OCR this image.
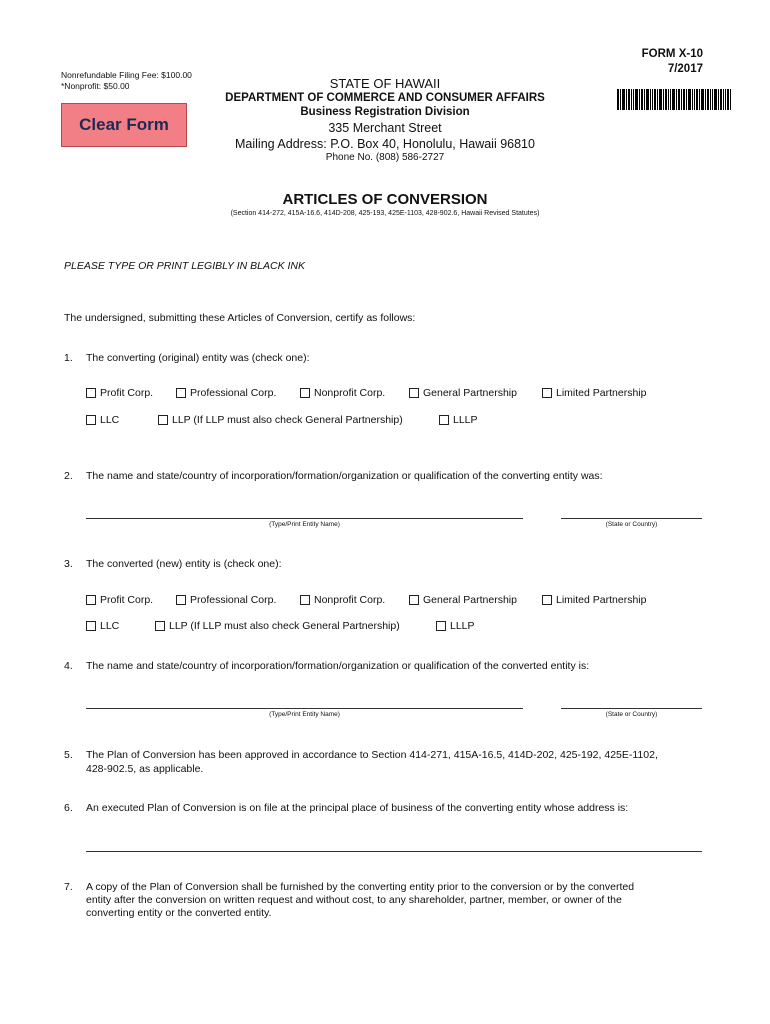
Nonrefundable Filing Fee: $100.00
*Nonprofit: $50.00
Clear Form
FORM X-10
7/2017
STATE OF HAWAII
DEPARTMENT OF COMMERCE AND CONSUMER AFFAIRS
Business Registration Division
335 Merchant Street
Mailing Address: P.O. Box 40, Honolulu, Hawaii 96810
Phone No. (808) 586-2727
ARTICLES OF CONVERSION
(Section 414-272, 415A-16.6, 414D-208, 425-193, 425E-1103, 428-902.6, Hawaii Revised Statutes)
PLEASE TYPE OR PRINT LEGIBLY IN BLACK INK
The undersigned, submitting these Articles of Conversion, certify as follows:
1. The converting (original) entity was (check one):
Profit Corp.	Professional Corp.	Nonprofit Corp.	General Partnership	Limited Partnership
LLC	LLP (If LLP must also check General Partnership)	LLLP
2. The name and state/country of incorporation/formation/organization or qualification of the converting entity was:
(Type/Print Entity Name)	(State or Country)
3. The converted (new) entity is (check one):
Profit Corp.	Professional Corp.	Nonprofit Corp.	General Partnership	Limited Partnership
LLC	LLP (If LLP must also check General Partnership)	LLLP
4. The name and state/country of incorporation/formation/organization or qualification of the converted entity is:
(Type/Print Entity Name)	(State or Country)
5. The Plan of Conversion has been approved in accordance to Section 414-271, 415A-16.5, 414D-202, 425-192, 425E-1102,
428-902.5, as applicable.
6. An executed Plan of Conversion is on file at the principal place of business of the converting entity whose address is:
7. A copy of the Plan of Conversion shall be furnished by the converting entity prior to the conversion or by the converted
entity after the conversion on written request and without cost, to any shareholder, partner, member, or owner of the
converting entity or the converted entity.
